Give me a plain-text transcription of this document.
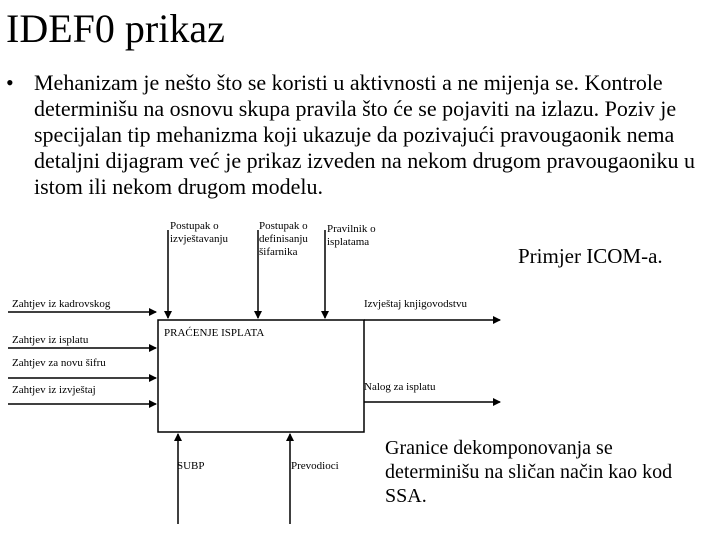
IDEF0 prikaz
• Mehanizam je nešto što se koristi u aktivnosti a ne mijenja se. Kontrole determinišu na osnovu skupa pravila što će se pojaviti na izlazu. Poziv je specijalan tip mehanizma koji ukazuje da pozivajući pravougaonik nema detaljni dijagram već je prikaz izveden na nekom drugom pravougaoniku u istom ili nekom drugom modelu.

PRAĆENJE ISPLATA
Postupak o
izvještavanju
Postupak o
definisanju
šifarnika
Pravilnik o
isplatama
Zahtjev iz kadrovskog
Zahtjev iz isplatu
Zahtjev za novu šifru
Zahtjev iz izvještaj
Izvještaj knjigovodstvu
Nalog za isplatu
SUBP	Prevodioci
Primjer ICOM-a.
Granice dekomponovanja se determinišu na sličan način kao kod SSA.
